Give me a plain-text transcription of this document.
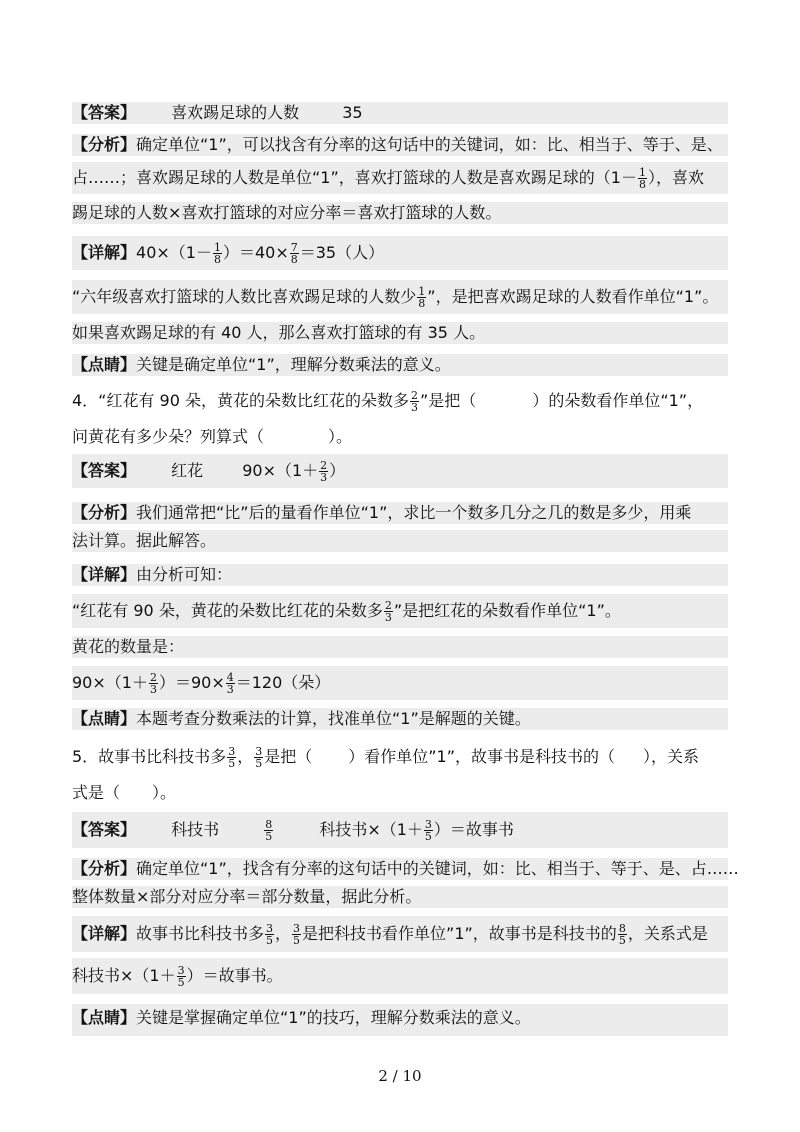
【答案】 喜欢踢足球的人数	35
【分析】确定单位“1”，可以找含有分率的这句话中的关键词，如：比、相当于、等于、是、
占……；喜欢踢足球的人数是单位“1”，喜欢打篮球的人数是喜欢踢足球的（$1- \frac{1}{8}$ ），喜欢
踢足球的人数×喜欢打篮球的对应分率＝喜欢打篮球的人数。
【详解】$40\times(1- \frac{1}{8} )=40\times \frac{7}{8} =35$（人）
“六年级喜欢打篮球的人数比喜欢踢足球的人数少 $\frac{1}{8}$ ”，是把喜欢踢足球的人数看作单位“1”。
如果喜欢踢足球的有 40 人，那么喜欢打篮球的有 35 人。
【点睛】关键是确定单位“1”，理解分数乘法的意义。
4．“红花有 90 朵，黄花的朵数比红花的朵数多 $\frac{2}{3}$ ”是把（	）的朵数看作单位“1”，
问黄花有多少朵？列算式（	）。
【答案】 红花 $90\times(1+ \frac{2}{3}$ ）
【分析】我们通常把“比”后的量看作单位“1”，求比一个数多几分之几的数是多少，用乘
法计算。据此解答。
【详解】由分析可知：
“红花有 90 朵，黄花的朵数比红花的朵数多 $\frac{2}{3}$ ”是把红花的朵数看作单位“1”。
黄花的数量是：
$90\times(1+ \frac{2}{3} )=90\times \frac{4}{3} =120$（朵）
【点睛】本题考查分数乘法的计算，找准单位“1”是解题的关键。
5．故事书比科技书多 $\frac{3}{5}$ ， $\frac{3}{5}$ 是把（ ）看作单位”1”，故事书是科技书的（ ），关系
式是（　　）。
【答案】 科技书	$\frac{8}{5}$	科技书$\times(1+ \frac{3}{5}$ ）＝故事书
【分析】确定单位“1”，找含有分率的这句话中的关键词，如：比、相当于、等于、是、占……
整体数量×部分对应分率＝部分数量，据此分析。
【详解】故事书比科技书多 $\frac{3}{5}$ ， $\frac{3}{5}$ 是把科技书看作单位”1”，故事书是科技书的 $\frac{8}{5}$ ，关系式是
科技书$\times(1+ \frac{3}{5}$ ）＝故事书。
【点睛】关键是掌握确定单位“1”的技巧，理解分数乘法的意义。
2 / 10
